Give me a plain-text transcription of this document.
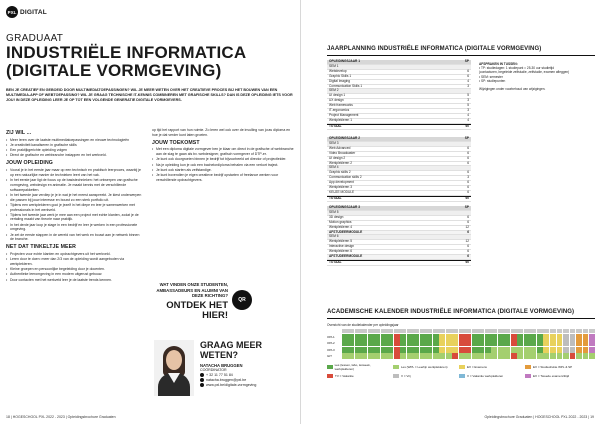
PXL DIGITAL
GRADUAAT
INDUSTRIËLE INFORMATICA (DIGITALE VORMGEVING)
BEN JE CREATIEF EN GEBOEID DOOR MULTIMEDIATOEPASSINGEN? WIL JE MEER WETEN OVER HET CREATIEVE PROCES BIJ HET BOUWEN VAN EEN MULTIMEDIA-APP OF WEBTOEPASSING? WIL JE GRAAG TECHNISCHE IT-KENNIS COMBINEREN MET GRAFISCHE SKILLS? DAN IS DEZE OPLEIDING IETS VOOR JOU! IN DEZE OPLEIDING LEER JE OP TOT EEN VOLGENDE GENERATIE DIGITALE VORMGEVERS.
ZIJ WIL ...
• Meer leren over de laatste multimediatoepassingen en nieuwe technologieën
• Je creativiteit kanaliseren in grafische skills
• Een praktijkgerichte opleiding volgen
• Direct de grafische en webbranche instappen en het werkveld.
JOUW OPLEIDING
• Vooral je in het eerste jaar maar op een technisch en praktisch leerproces, waarbij je op een natuurlijke manier de technieken leert van het vak.
• In het eerste jaar ligt de focus op de basistechnieken: het ontwerpen van grafische vormgeving, webdesign en animatie. Je maakt kennis met de verschillende softwarepakketten.
• In het tweede jaar verdiep je je in wat je het meest aanspreekt. Je kiest onderwerpen die passen bij jouw interesse en bouwt zo een sterk portfolio uit.
• Tijdens een werkplekleren gooi je jezelf in het diepe en leer je samenwerken met professionals in het werkveld.
• Tijdens het tweede jaar werk je mee aan een project met echte klanten, zodat je de vertaling maakt van theorie naar praktijk.
• In het derde jaar loop je stage in een bedrijf en leer je werken in een professionele omgeving.
• Je zet de eerste stappen in de wereld van het werk en bouwt aan je netwerk binnen de branche.
NET DAT TINKELTJE MEER
• Projecten voor echte klanten en opdrachtgevers uit het werkveld.
• Leren door te doen: meer dan 2/3 van de opleiding wordt aangeboden via werkplekleren.
• Kleine groepen en persoonlijke begeleiding door je docenten.
• Authentieke leeromgeving in een modern uitgerust gebouw.
• Door contacten met het werkveld leer je de laatste trends kennen.

op tijd het rapport van hun ruimte. Zo leren wel ook over de invulling van jouw diploma en hoe je dat verder kunt laten groeien.

JOUW TOEKOMST
• Met een diploma digitale vormgever ben je klaar om direct in de grafische of webbranche aan de slag te gaan als bv. webdesigner, grafisch vormgever of DTP-er.
• Je kunt ook doorgroeien binnen je bedrijf tot bijvoorbeeld art director of projectleider.
• Na je opleiding kun je ook een bachelordiploma behalen via een verkort traject.
• Je kunt ook starten als zelfstandige.
• Je kunt bovendien je eigen creatieve bedrijf opstarten of freelance werken voor verschillende opdrachtgevers.
WAT VINDEN ONZE STUDENTEN, AMBASSADEURS EN ALUMNI VAN DEZE RICHTING?
ONTDEK HET HIER!
QR
GRAAG MEER WETEN?
NATACHA BRUGGEN
COÖRDINATOR
+ 32 11 77 51 84
natacha.bruggen@pxl.be
www.pxl.be/digitale-vormgeving
18 | HOGESCHOOL PXL 2022 - 2023 | Opleidingsbrochure Graduaten
JAARPLANNING INDUSTRIËLE INFORMATICA (DIGITALE VORMGEVING)
OPLEIDINGSJAAR 1	SP
SEM 1
Webdevelop	6
Graphic Skills 1	6
Digital Imaging	4
Communication Skills 1	3
SEM 2
UI design 1	5
UX design	3
Web frameworks	5
IT-ergonomics	3
Project Management	4
Werkplekleren 1	4
TOTAAL	60
OPLEIDINGSJAAR 2	SP
SEM 3
Web Advanced	6
Video Broadcaster	6
UI design 2	6
Werkplekleren 2	6
SEM 4
Graphic skills 2	6
Communication skills 2	3
App development	6
Werkplekleren 3	6
KEUZE MODULE	6
TOTAAL	60
OPLEIDINGSJAAR 3	SP
SEM 5
3D design	6
Motion graphics	6
Werkplekleren 4	12
AFSTUDEERMODULE	6
SEM 6
Werkplekleren 5	12
Interactive design	6
Werkplekleren 6	6
AFSTUDEERMODULE	6
TOTAAL	60
AFSPRAKEN IN TUSSEN:
• TP: studiedagen: 1 studiepunt = 25-30 uur studietijd
(contacturen, begeleide zelfstudie, zelfstudie, examen afleggen)
• SEM: semester
• SP: studiepunten

Wijzigingen onder voorbehoud van wijzigingen.
ACADEMISCHE KALENDER INDUSTRIËLE INFORMATICA (DIGITALE VORMGEVING)
Overzicht van de studiekalender per opleidingsjaar
OPL1
OPL2
OPL3
GIT
Les (lessen, labo, lesweek, werkplekleren)	Les (WPL = Leerlijn werkplekleren)	EX = Examens	EX = Studiedrukte WPL & SP
TV = Vakantie	V = Vrij	V = Vakantie werkplekleren	EX = Tweede examenzittijd
Opleidingsbrochure Graduaten | HOGESCHOOL PXL 2022 - 2023 | 19
